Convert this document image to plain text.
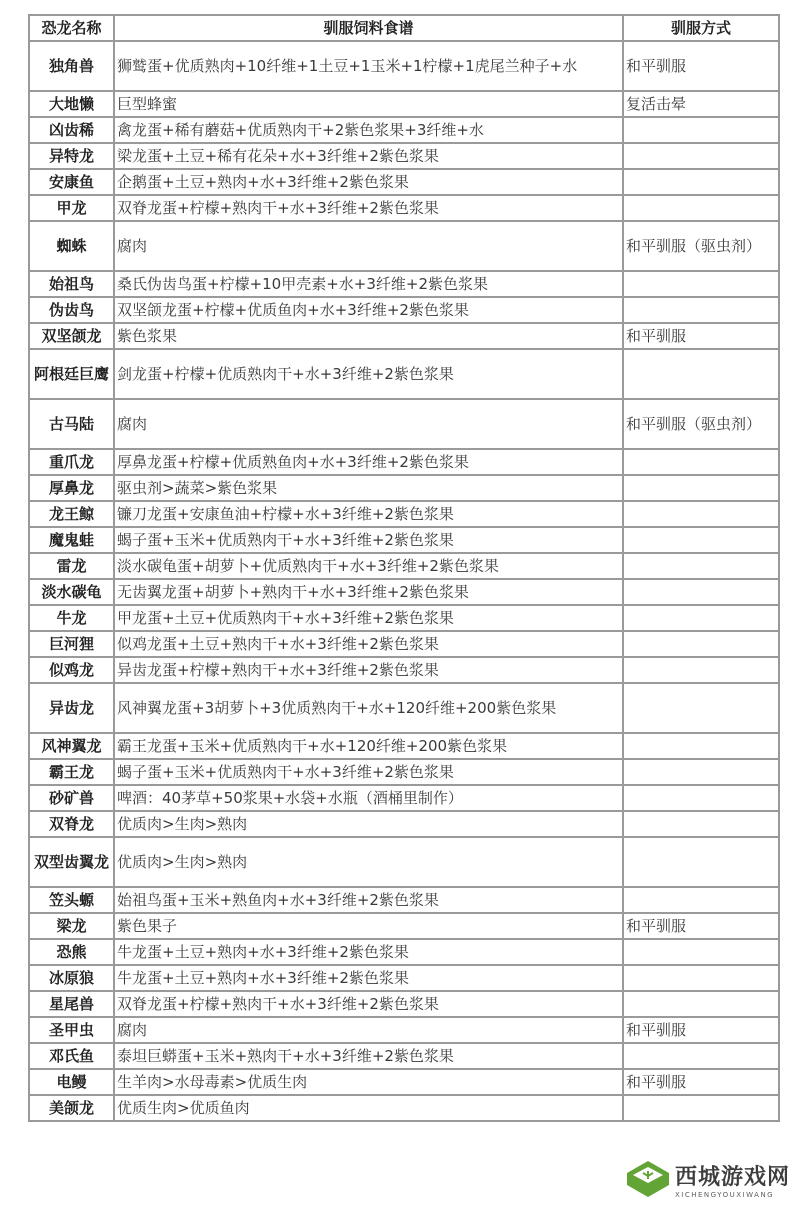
恐龙名称	驯服饲料食谱	驯服方式
独角兽	狮鹫蛋+优质熟肉+10纤维+1土豆+1玉米+1柠檬+1虎尾兰种子+水	和平驯服
大地懒	巨型蜂蜜	复活击晕
凶齿稀	禽龙蛋+稀有蘑菇+优质熟肉干+2紫色浆果+3纤维+水	
异特龙	梁龙蛋+土豆+稀有花朵+水+3纤维+2紫色浆果	
安康鱼	企鹅蛋+土豆+熟肉+水+3纤维+2紫色浆果	
甲龙	双脊龙蛋+柠檬+熟肉干+水+3纤维+2紫色浆果	
蜘蛛	腐肉	和平驯服（驱虫剂）
始祖鸟	桑氏伪齿鸟蛋+柠檬+10甲壳素+水+3纤维+2紫色浆果	
伪齿鸟	双坚颌龙蛋+柠檬+优质鱼肉+水+3纤维+2紫色浆果	
双坚颌龙	紫色浆果	和平驯服
阿根廷巨鹰	剑龙蛋+柠檬+优质熟肉干+水+3纤维+2紫色浆果	
古马陆	腐肉	和平驯服（驱虫剂）
重爪龙	厚鼻龙蛋+柠檬+优质熟鱼肉+水+3纤维+2紫色浆果	
厚鼻龙	驱虫剂>蔬菜>紫色浆果	
龙王鲸	镰刀龙蛋+安康鱼油+柠檬+水+3纤维+2紫色浆果	
魔鬼蛙	蝎子蛋+玉米+优质熟肉干+水+3纤维+2紫色浆果	
雷龙	淡水碳龟蛋+胡萝卜+优质熟肉干+水+3纤维+2紫色浆果	
淡水碳龟	无齿翼龙蛋+胡萝卜+熟肉干+水+3纤维+2紫色浆果	
牛龙	甲龙蛋+土豆+优质熟肉干+水+3纤维+2紫色浆果	
巨河狸	似鸡龙蛋+土豆+熟肉干+水+3纤维+2紫色浆果	
似鸡龙	异齿龙蛋+柠檬+熟肉干+水+3纤维+2紫色浆果	
异齿龙	风神翼龙蛋+3胡萝卜+3优质熟肉干+水+120纤维+200紫色浆果	
风神翼龙	霸王龙蛋+玉米+优质熟肉干+水+120纤维+200紫色浆果	
霸王龙	蝎子蛋+玉米+优质熟肉干+水+3纤维+2紫色浆果	
砂矿兽	啤酒：40茅草+50浆果+水袋+水瓶（酒桶里制作）	
双脊龙	优质肉>生肉>熟肉	
双型齿翼龙	优质肉>生肉>熟肉	
笠头螈	始祖鸟蛋+玉米+熟鱼肉+水+3纤维+2紫色浆果	
梁龙	紫色果子	和平驯服
恐熊	牛龙蛋+土豆+熟肉+水+3纤维+2紫色浆果	
冰原狼	牛龙蛋+土豆+熟肉+水+3纤维+2紫色浆果	
星尾兽	双脊龙蛋+柠檬+熟肉干+水+3纤维+2紫色浆果	
圣甲虫	腐肉	和平驯服
邓氏鱼	泰坦巨蟒蛋+玉米+熟肉干+水+3纤维+2紫色浆果	
电鳗	生羊肉>水母毒素>优质生肉	和平驯服
美颌龙	优质生肉>优质鱼肉	
西城游戏网
XICHENGYOUXIWANG
